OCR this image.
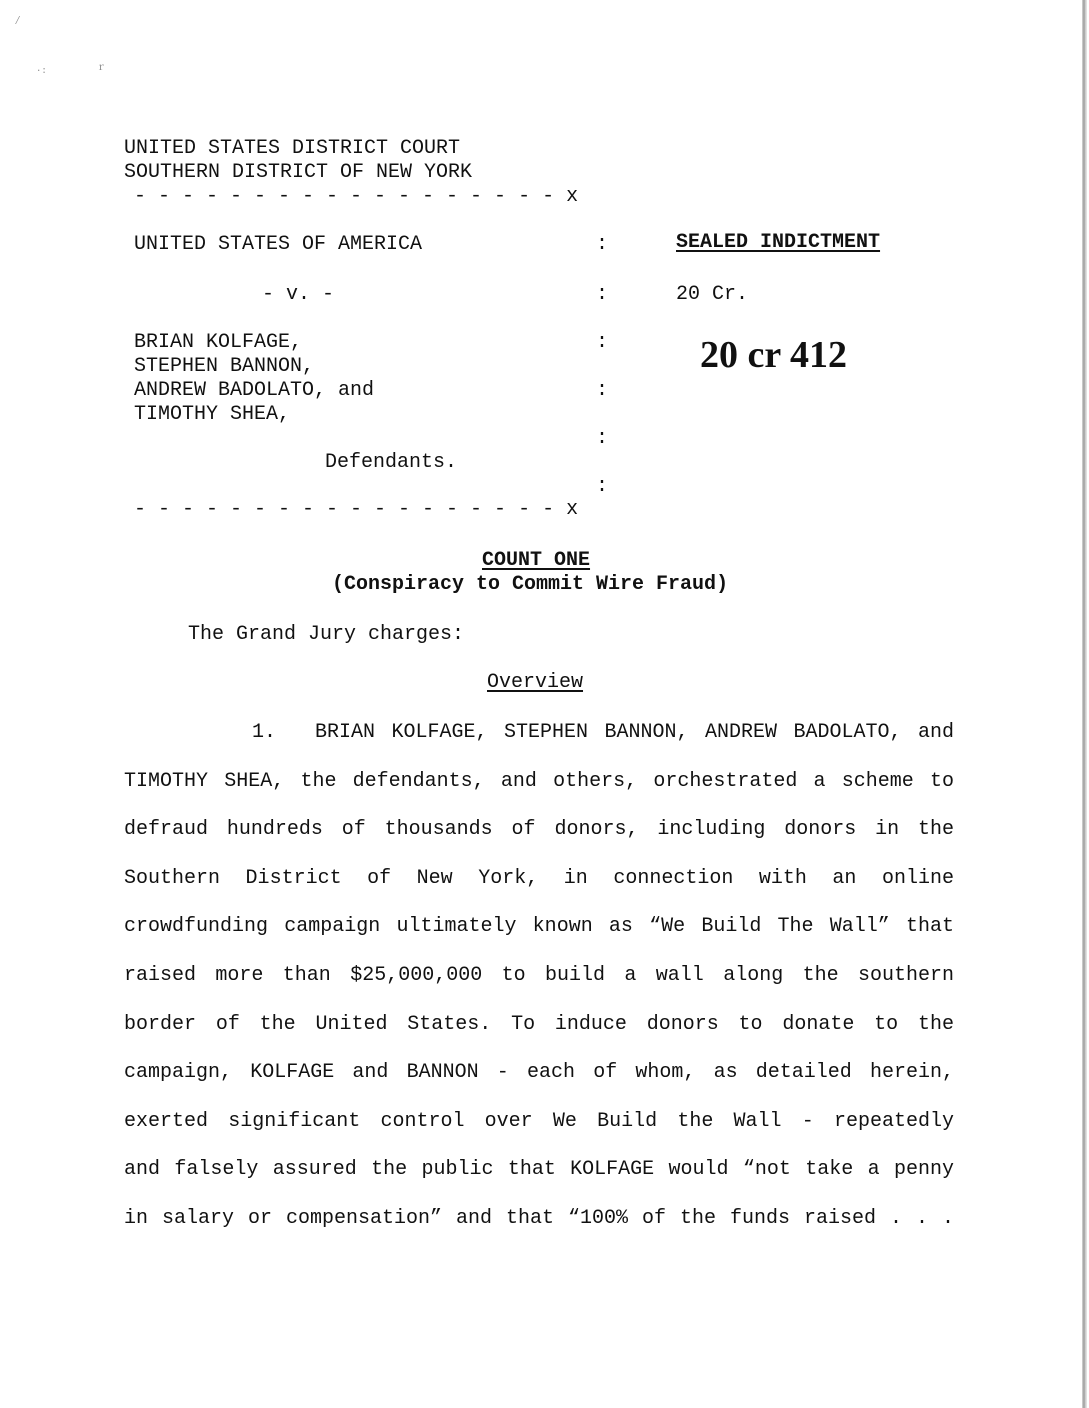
⁄
·:	ｒ
UNITED STATES DISTRICT COURT
SOUTHERN DISTRICT OF NEW YORK
- - - - - - - - - - - - - - - - - - x
UNITED STATES OF AMERICA
- v. -
BRIAN KOLFAGE,
STEPHEN BANNON,
ANDREW BADOLATO, and
TIMOTHY SHEA,
Defendants.
- - - - - - - - - - - - - - - - - - x
:
:
:
:
:
:
SEALED INDICTMENT
20 Cr.
20 cr 412
COUNT ONE
(Conspiracy to Commit Wire Fraud)
The Grand Jury charges:
Overview
1. BRIAN KOLFAGE, STEPHEN BANNON, ANDREW BADOLATO, and
TIMOTHY SHEA, the defendants, and others, orchestrated a scheme to
defraud hundreds of thousands of donors, including donors in the
Southern District of New York, in connection with an online
crowdfunding campaign ultimately known as “We Build The Wall” that
raised more than $25,000,000 to build a wall along the southern
border of the United States. To induce donors to donate to the
campaign, KOLFAGE and BANNON - each of whom, as detailed herein,
exerted significant control over We Build the Wall - repeatedly
and falsely assured the public that KOLFAGE would “not take a penny
in salary or compensation” and that “100% of the funds raised . . .
